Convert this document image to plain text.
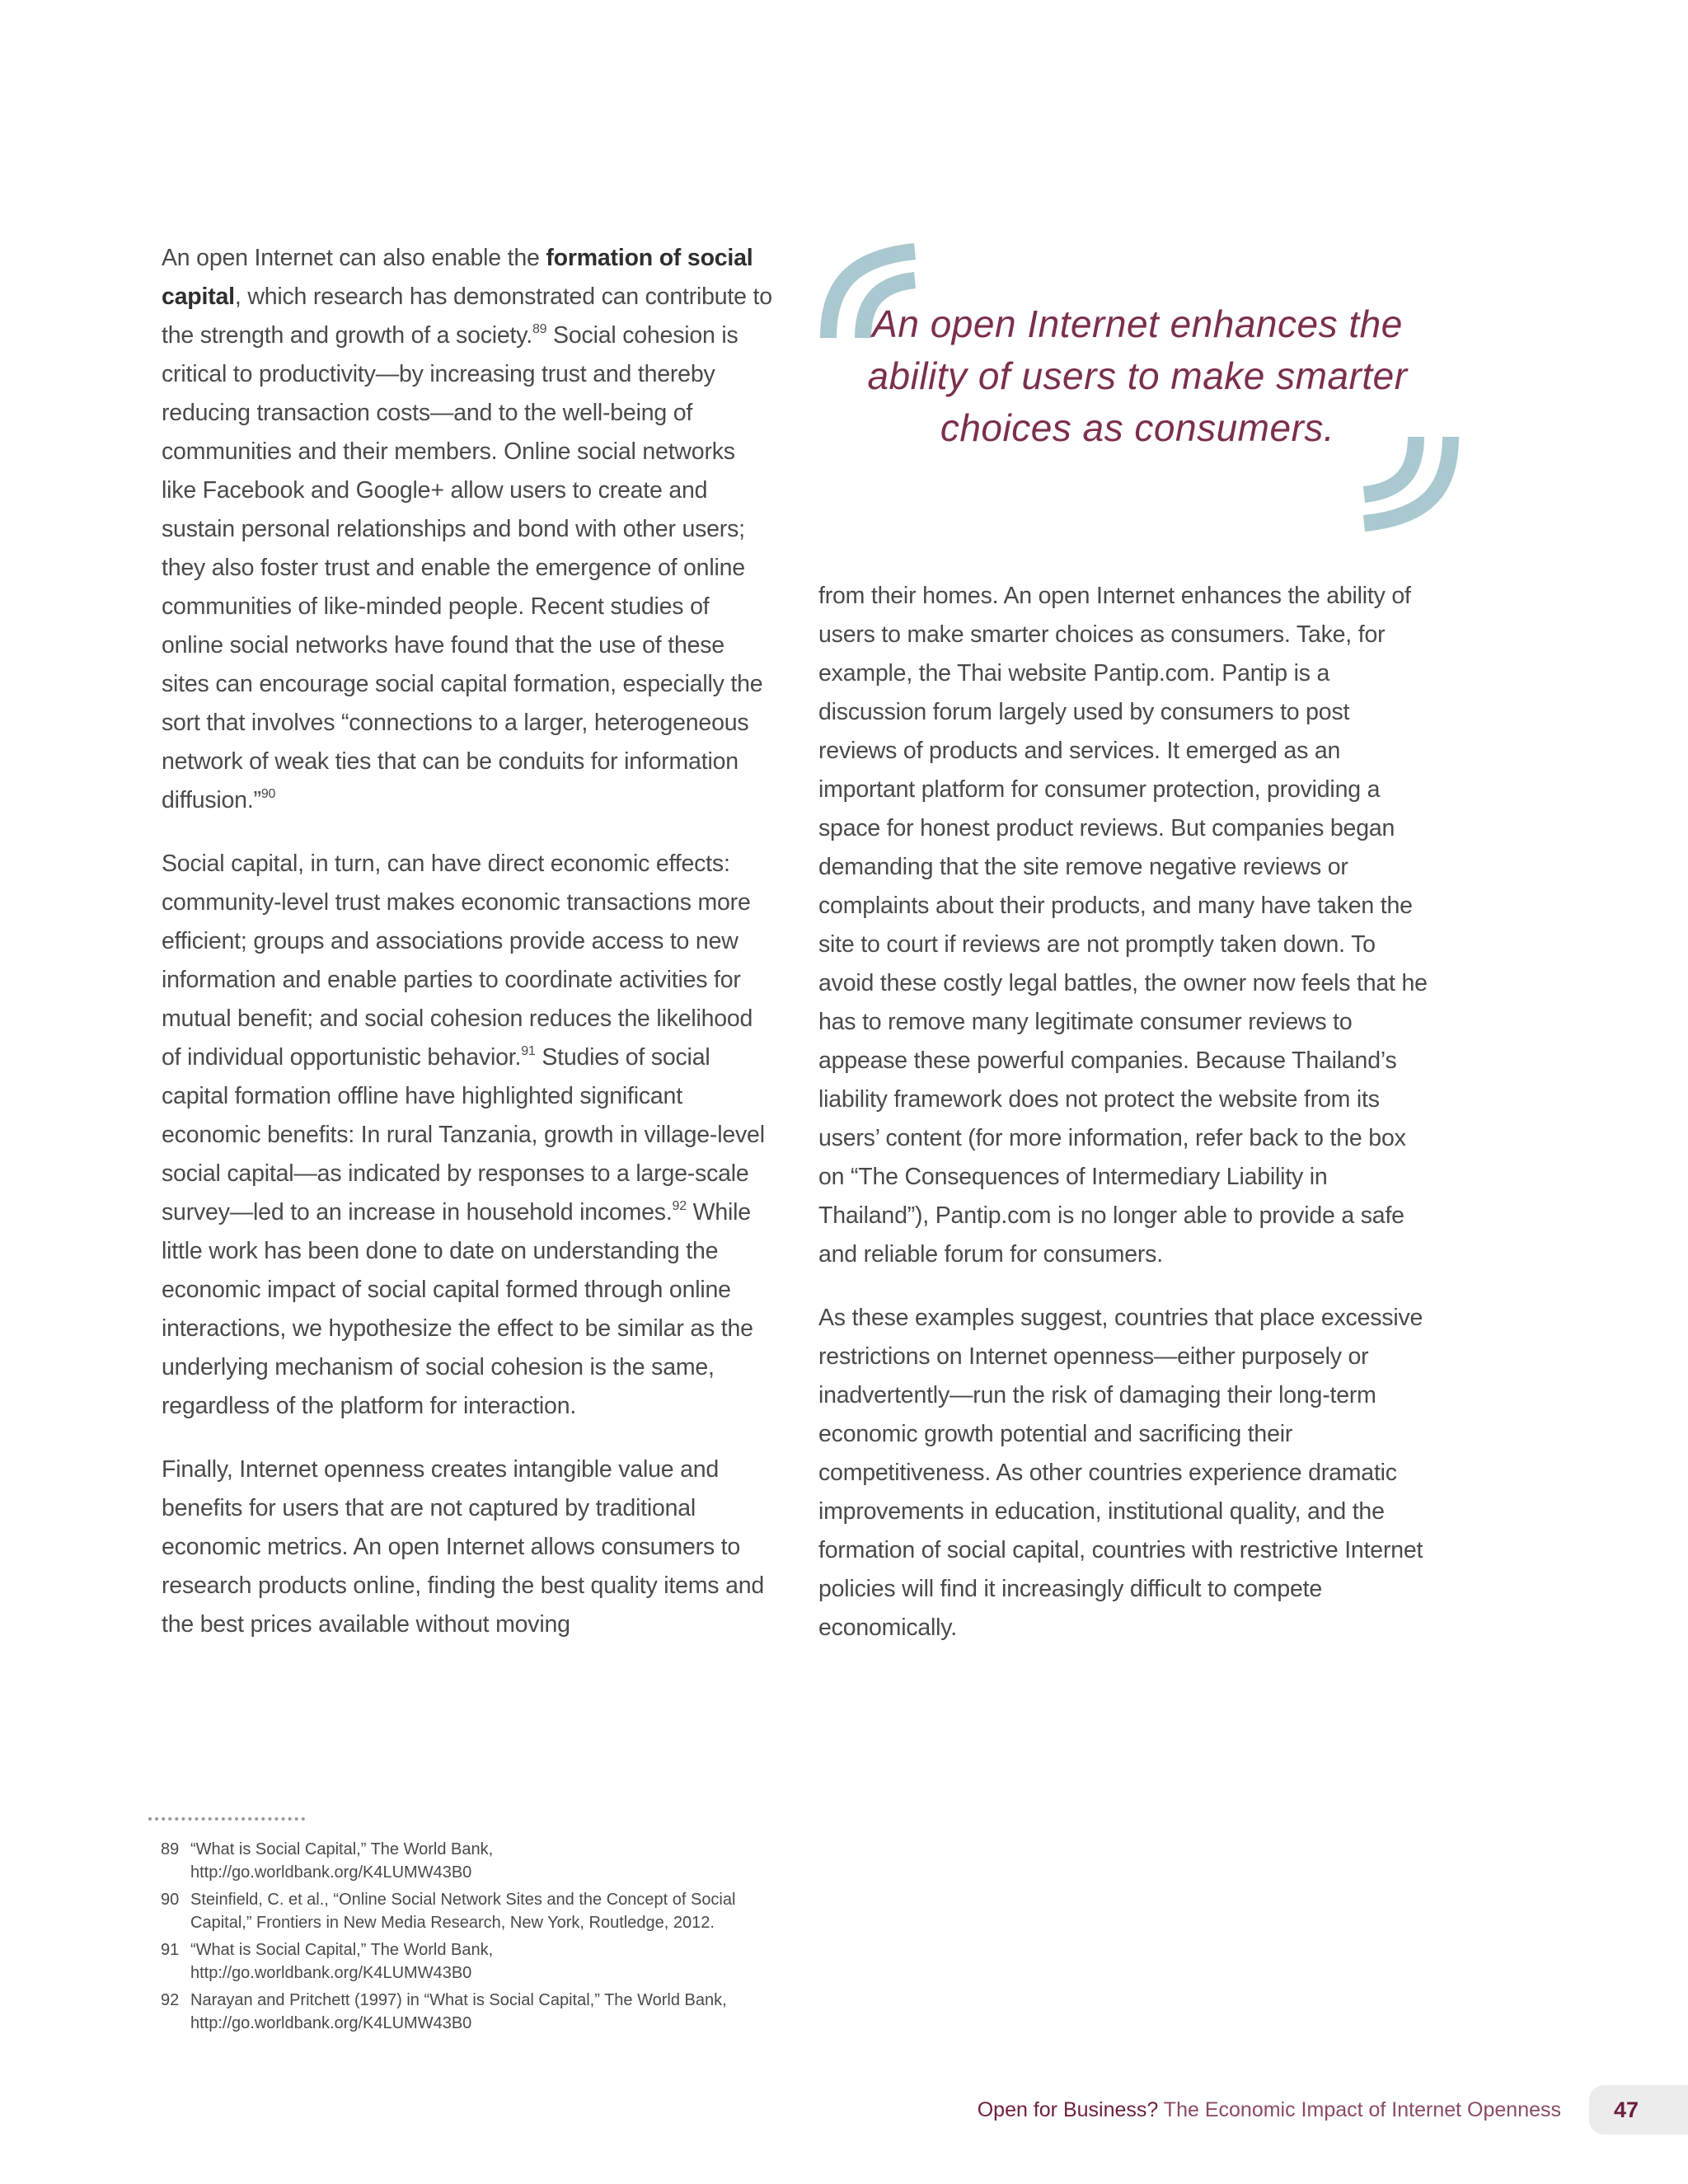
An open Internet can also enable the formation of social capital, which research has demonstrated can contribute to the strength and growth of a society.$^{89}$ Social cohesion is critical to productivity—by increasing trust and thereby reducing transaction costs—and to the well-being of communities and their members. Online social networks like Facebook and Google+ allow users to create and sustain personal relationships and bond with other users; they also foster trust and enable the emergence of online communities of like-minded people. Recent studies of online social networks have found that the use of these sites can encourage social capital formation, especially the sort that involves “connections to a larger, heterogeneous network of weak ties that can be conduits for information diffusion.”$^{90}$

Social capital, in turn, can have direct economic effects: community-level trust makes economic transactions more efficient; groups and associations provide access to new information and enable parties to coordinate activities for mutual benefit; and social cohesion reduces the likelihood of individual opportunistic behavior.$^{91}$ Studies of social capital formation offline have highlighted significant economic benefits: In rural Tanzania, growth in village-level social capital—as indicated by responses to a large-scale survey—led to an increase in household incomes.$^{92}$ While little work has been done to date on understanding the economic impact of social capital formed through online interactions, we hypothesize the effect to be similar as the underlying mechanism of social cohesion is the same, regardless of the platform for interaction.

Finally, Internet openness creates intangible value and benefits for users that are not captured by traditional economic metrics. An open Internet allows consumers to research products online, finding the best quality items and the best prices available without moving

An open Internet enhances the ability of users to make smarter choices as consumers.

from their homes. An open Internet enhances the ability of users to make smarter choices as consumers. Take, for example, the Thai website Pantip.com. Pantip is a discussion forum largely used by consumers to post reviews of products and services. It emerged as an important platform for consumer protection, providing a space for honest product reviews. But companies began demanding that the site remove negative reviews or complaints about their products, and many have taken the site to court if reviews are not promptly taken down. To avoid these costly legal battles, the owner now feels that he has to remove many legitimate consumer reviews to appease these powerful companies. Because Thailand’s liability framework does not protect the website from its users’ content (for more information, refer back to the box on “The Consequences of Intermediary Liability in Thailand”), Pantip.com is no longer able to provide a safe and reliable forum for consumers.

As these examples suggest, countries that place excessive restrictions on Internet openness—either purposely or inadvertently—run the risk of damaging their long-term economic growth potential and sacrificing their competitiveness. As other countries experience dramatic improvements in education, institutional quality, and the formation of social capital, countries with restrictive Internet policies will find it increasingly difficult to compete economically.

89 “What is Social Capital,” The World Bank, http://go.worldbank.org/K4LUMW43B0
90 Steinfield, C. et al., “Online Social Network Sites and the Concept of Social Capital,” Frontiers in New Media Research, New York, Routledge, 2012.
91 “What is Social Capital,” The World Bank, http://go.worldbank.org/K4LUMW43B0
92 Narayan and Pritchett (1997) in “What is Social Capital,” The World Bank, http://go.worldbank.org/K4LUMW43B0
Open for Business? The Economic Impact of Internet Openness	47
